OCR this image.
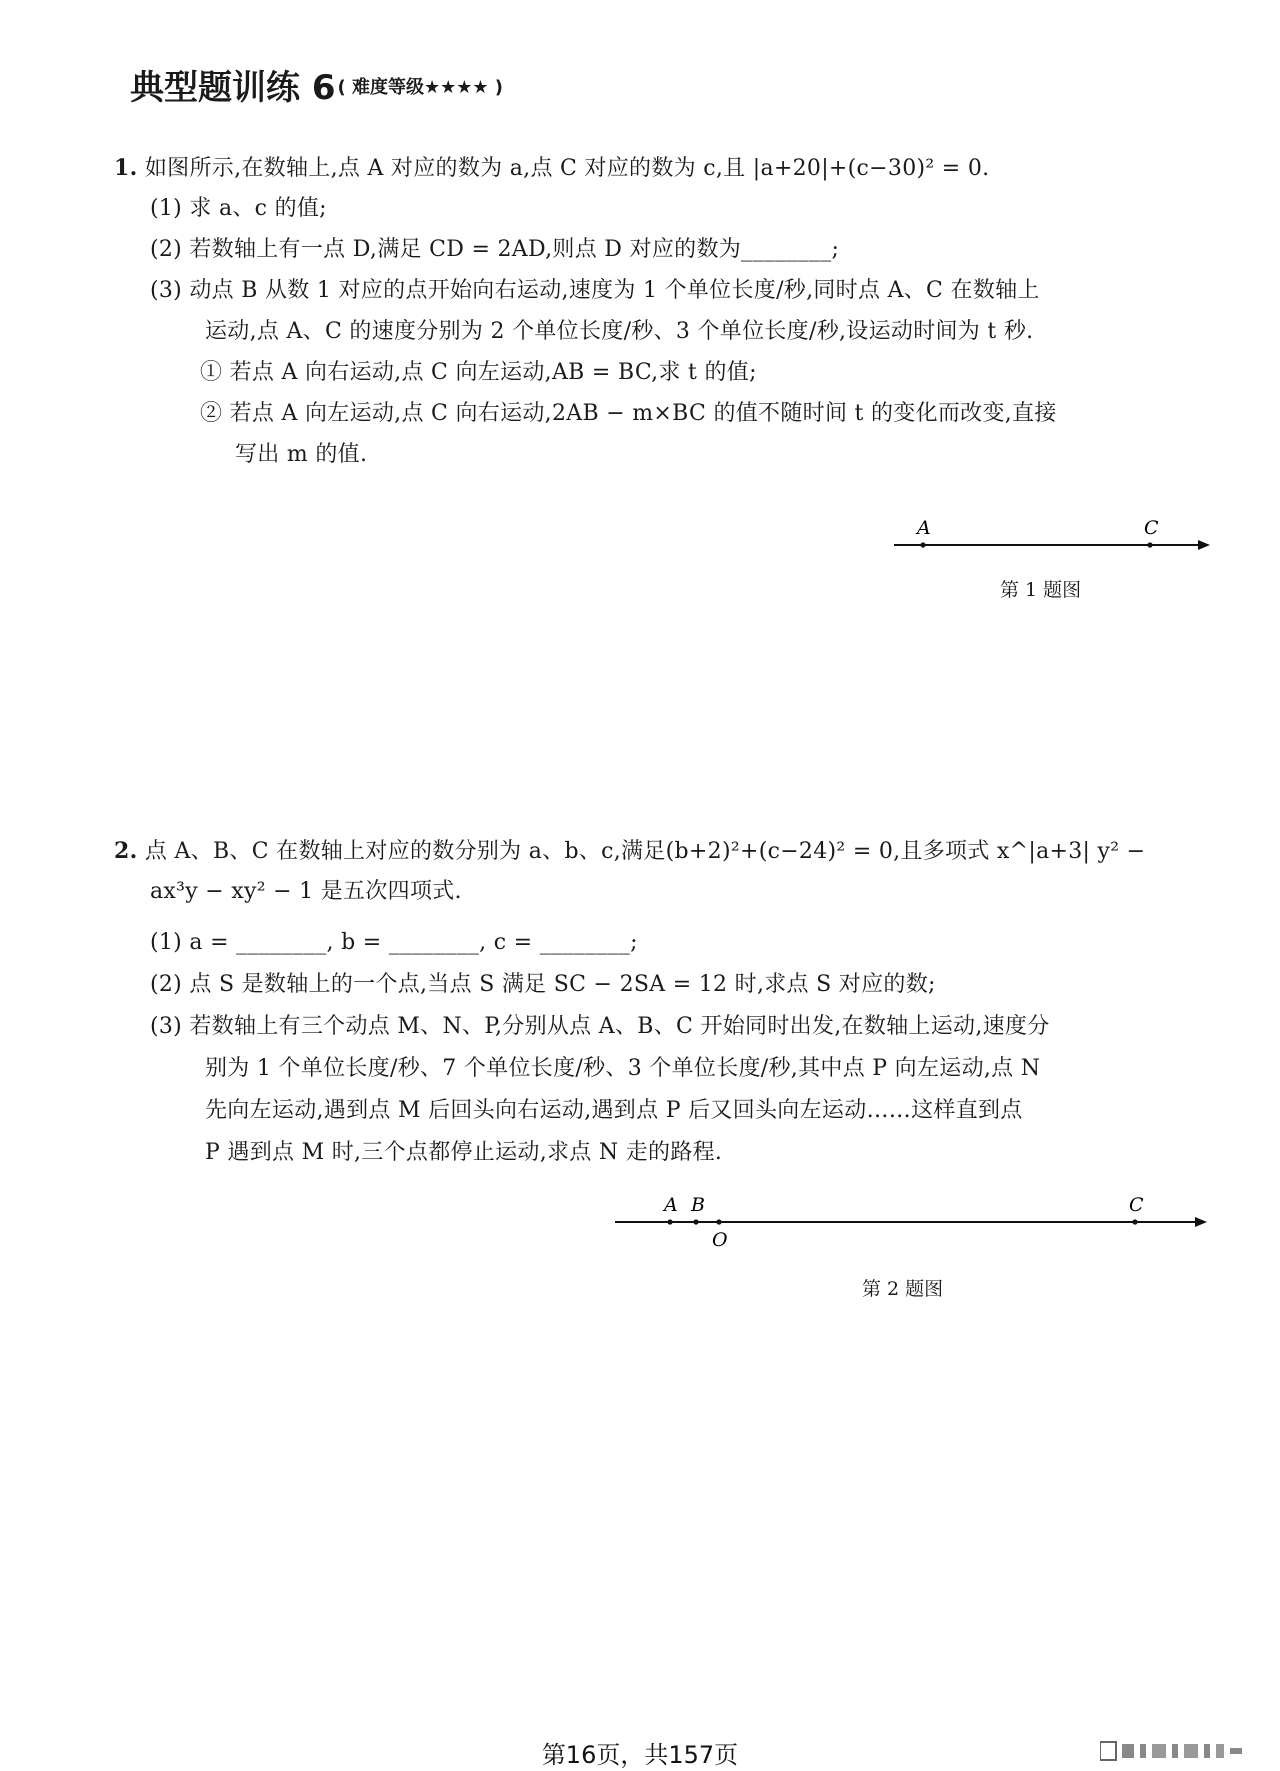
典型题训练 6 $^{( 难度等级★★★★ )}$
1. 如图所示,在数轴上,点 A 对应的数为 a,点 C 对应的数为 c,且 |a+20|+(c−30)² = 0.
(1) 求 a、c 的值;
(2) 若数轴上有一点 D,满足 CD = 2AD,则点 D 对应的数为________;
(3) 动点 B 从数 1 对应的点开始向右运动,速度为 1 个单位长度/秒,同时点 A、C 在数轴上
运动,点 A、C 的速度分别为 2 个单位长度/秒、3 个单位长度/秒,设运动时间为 t 秒.
① 若点 A 向右运动,点 C 向左运动,AB = BC,求 t 的值;
② 若点 A 向左运动,点 C 向右运动,2AB − m×BC 的值不随时间 t 的变化而改变,直接
写出 m 的值.
A	C
第 1 题图
2. 点 A、B、C 在数轴上对应的数分别为 a、b、c,满足(b+2)²+(c−24)² = 0,且多项式 x^|a+3| y² −
ax³y − xy² − 1 是五次四项式.
(1) a = ________, b = ________, c = ________;
(2) 点 S 是数轴上的一个点,当点 S 满足 SC − 2SA = 12 时,求点 S 对应的数;
(3) 若数轴上有三个动点 M、N、P,分别从点 A、B、C 开始同时出发,在数轴上运动,速度分
别为 1 个单位长度/秒、7 个单位长度/秒、3 个单位长度/秒,其中点 P 向左运动,点 N
先向左运动,遇到点 M 后回头向右运动,遇到点 P 后又回头向左运动……这样直到点
P 遇到点 M 时,三个点都停止运动,求点 N 走的路程.
A B
O
C
第 2 题图
第16页，共157页
